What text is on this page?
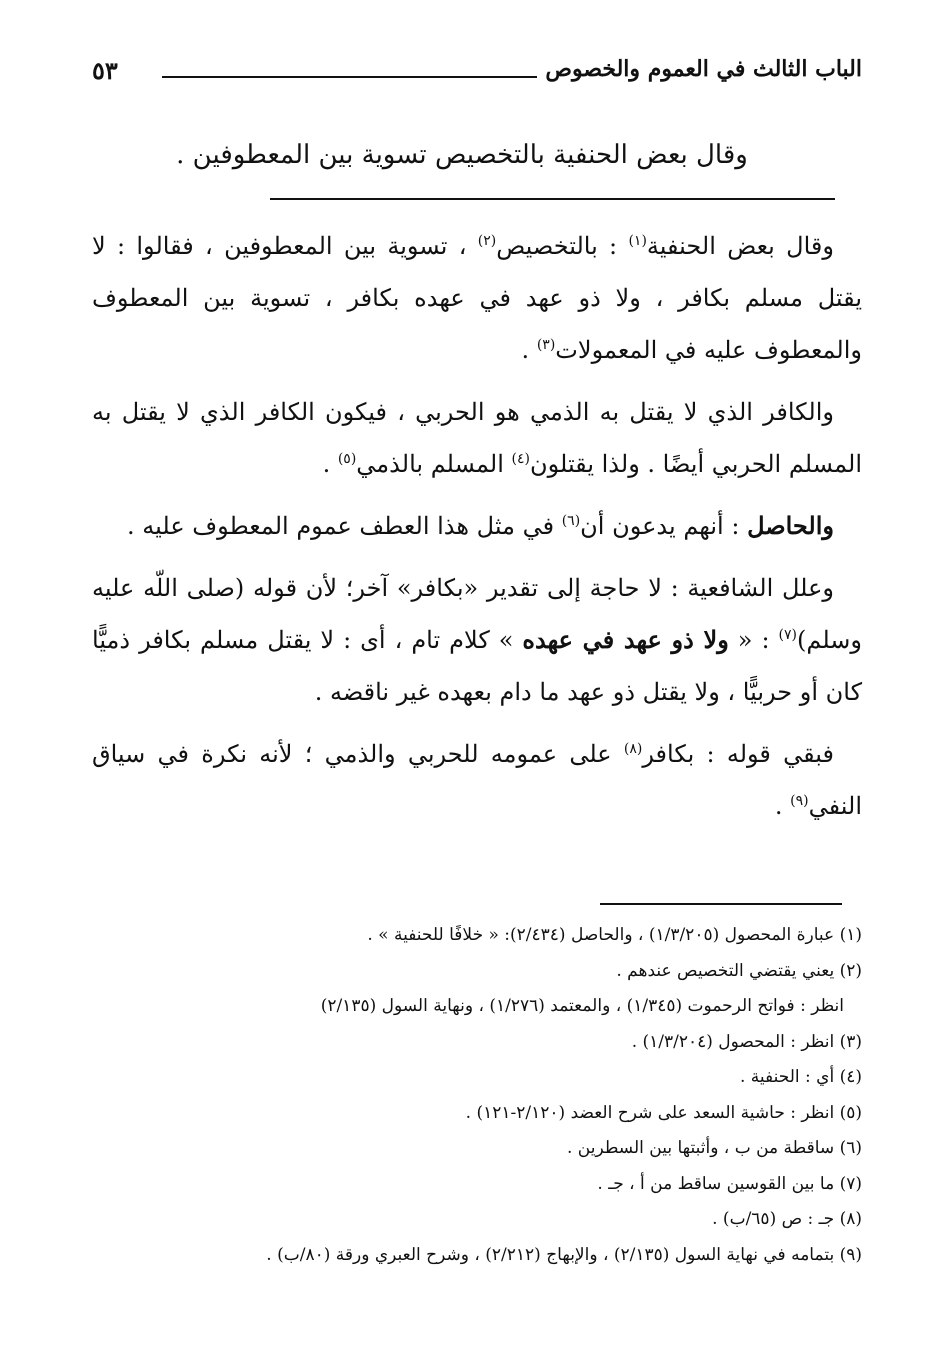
الباب الثالث في العموم والخصوص
٥٣
وقال بعض الحنفية بالتخصيص تسوية بين المعطوفين .

وقال بعض الحنفية$^{(١)}$ : بالتخصيص$^{(٢)}$ ، تسوية بين المعطوفين ، فقالوا : لا يقتل مسلم بكافر ، ولا ذو عهد في عهده بكافر ، تسوية بين المعطوف والمعطوف عليه في المعمولات$^{(٣)}$ .

والكافر الذي لا يقتل به الذمي هو الحربي ، فيكون الكافر الذي لا يقتل به المسلم الحربي أيضًا . ولذا يقتلون$^{(٤)}$ المسلم بالذمي$^{(٥)}$ .

والحاصل : أنهم يدعون أن$^{(٦)}$ في مثل هذا العطف عموم المعطوف عليه .

وعلل الشافعية : لا حاجة إلى تقدير «بكافر» آخر؛ لأن قوله (صلى اللّه عليه وسلم)$^{(٧)}$ : « ولا ذو عهد في عهده » كلام تام ، أى : لا يقتل مسلم بكافر ذميًّا كان أو حربيًّا ، ولا يقتل ذو عهد ما دام بعهده غير ناقضه .

فبقي قوله : بكافر$^{(٨)}$ على عمومه للحربي والذمي ؛ لأنه نكرة في سياق النفي$^{(٩)}$ .

(١) عبارة المحصول (١/٣/٢٠٥) ، والحاصل (٢/٤٣٤): « خلافًا للحنفية » .
(٢) يعني يقتضي التخصيص عندهم .
انظر : فواتح الرحموت (١/٣٤٥) ، والمعتمد (١/٢٧٦) ، ونهاية السول (٢/١٣٥)
(٣) انظر : المحصول (١/٣/٢٠٤) .
(٤) أي : الحنفية .
(٥) انظر : حاشية السعد على شرح العضد (٢/١٢٠-١٢١) .
(٦) ساقطة من ب ، وأثبتها بين السطرين .
(٧) ما بين القوسين ساقط من أ ، جـ .
(٨) جـ : ص (٦٥/ب) .
(٩) بتمامه في نهاية السول (٢/١٣٥) ، والإبهاج (٢/٢١٢) ، وشرح العبري ورقة (٨٠/ب) .
